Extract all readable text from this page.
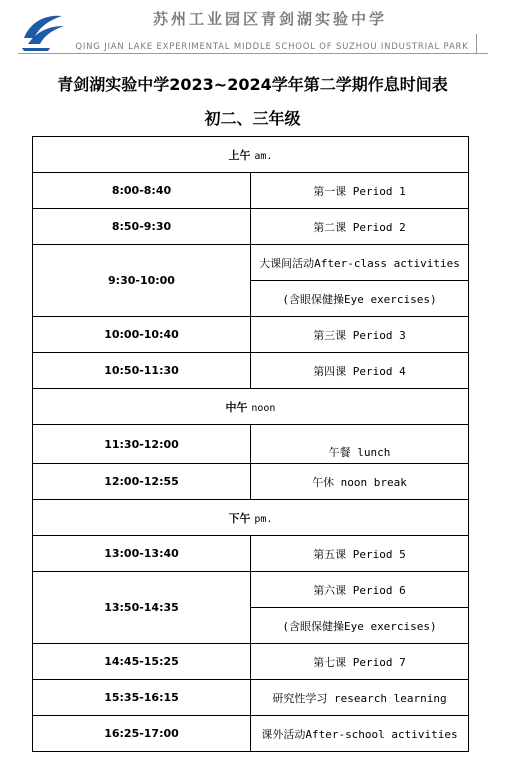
苏州工业园区青剑湖实验中学
QING JIAN LAKE EXPERIMENTAL MIDDLE SCHOOL OF SUZHOU INDUSTRIAL PARK
青剑湖实验中学2023~2024学年第二学期作息时间表
初二、三年级
上午 am.	
8:00-8:40	第一课 Period 1
8:50-9:30	第二课 Period 2
9:30-10:00	大课间活动After-class activities
	(含眼保健操Eye exercises)
10:00-10:40	第三课 Period 3
10:50-11:30	第四课 Period 4
中午 noon	
11:30-12:00	午餐 lunch
12:00-12:55	午休 noon break
下午 pm.	
13:00-13:40	第五课 Period 5
13:50-14:35	第六课 Period 6
	(含眼保健操Eye exercises)
14:45-15:25	第七课 Period 7
15:35-16:15	研究性学习 research learning
16:25-17:00	课外活动After-school activities
